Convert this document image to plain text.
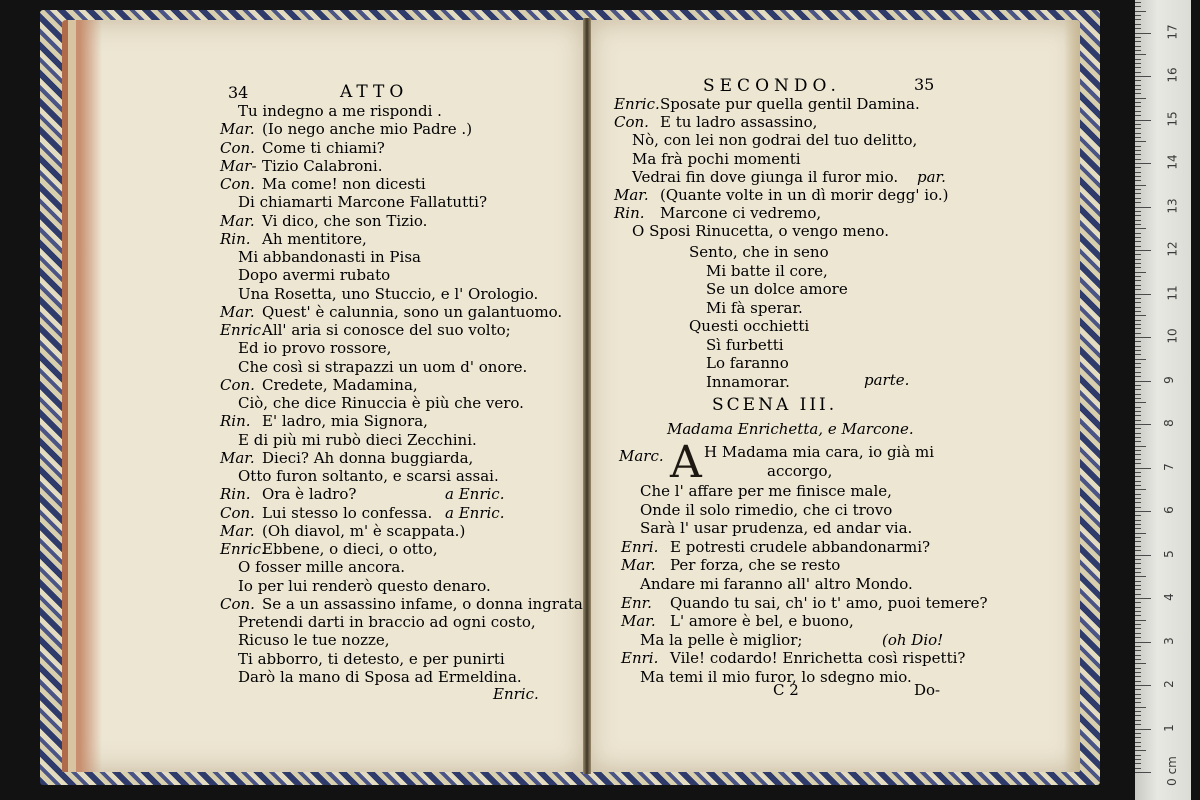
34	ATTO	SECONDO.	35
A
Marc.	H Madama mia cara, io già mi
accorgo,
SCENA III.
Madama Enrichetta, e Marcone.
parte.
Enric.	C 2	Do-
Tu indegno a me rispondi .
Mar. (Io nego anche mio Padre .)
Con. Come ti chiami?
Mar- Tizio Calabroni.
Con. Ma come! non dicesti
Di chiamarti Marcone Fallatutti?
Mar. Vi dico, che son Tizio.
Rin. Ah mentitore,
Mi abbandonasti in Pisa
Dopo avermi rubato
Una Rosetta, uno Stuccio, e l' Orologio.
Mar. Quest' è calunnia, sono un galantuomo.
Enric.
All' aria si conosce del suo volto;
Ed io provo rossore,
Che così si strapazzi un uom d' onore.
Con. Credete, Madamina,
Ciò, che dice Rinuccia è più che vero.
Rin. E' ladro, mia Signora,
E di più mi rubò dieci Zecchini.
Mar. Dieci? Ah donna buggiarda,
Otto furon soltanto, e scarsi assai.
Rin. Ora è ladro?	a Enric.
Con. Lui stesso lo confessa. a Enric.
Mar. (Oh diavol, m' è scappata.)
Enric.
Ebbene, o dieci, o otto,
O fosser mille ancora.
Io per lui renderò questo denaro.
Con. Se a un assassino infame, o donna ingrata
Pretendi darti in braccio ad ogni costo,
Ricuso le tue nozze,
Ti abborro, ti detesto, e per punirti
Darò la mano di Sposa ad Ermeldina.
Enric. Sposate pur quella gentil Damina.
Con. E tu ladro assassino,
Nò, con lei non godrai del tuo delitto,
Ma frà pochi momenti
Vedrai fin dove giunga il furor mio. par.
Mar. (Quante volte in un dì morir degg' io.)
Rin. Marcone ci vedremo,
O Sposi Rinucetta, o vengo meno.
Sento, che in seno
Mi batte il core,
Se un dolce amore
Mi fà sperar.
Questi occhietti
Sì furbetti
Lo faranno
Innamorar.
Che l' affare per me finisce male,
Onde il solo rimedio, che ci trovo
Sarà l' usar prudenza, ed andar via.
Enri. E potresti crudele abbandonarmi?
Mar. Per forza, che se resto
Andare mi faranno all' altro Mondo.
Enr. Quando tu sai, ch' io t' amo, puoi temere?
Mar. L' amore è bel, e buono,
Ma la pelle è miglior;	(oh Dio!
Enri. Vile! codardo! Enrichetta così rispetti?
Ma temi il mio furor, lo sdegno mio.
0 cm
1
2
3
4
5
6
7
8
9
10
11
12
13
14
15
16
17
